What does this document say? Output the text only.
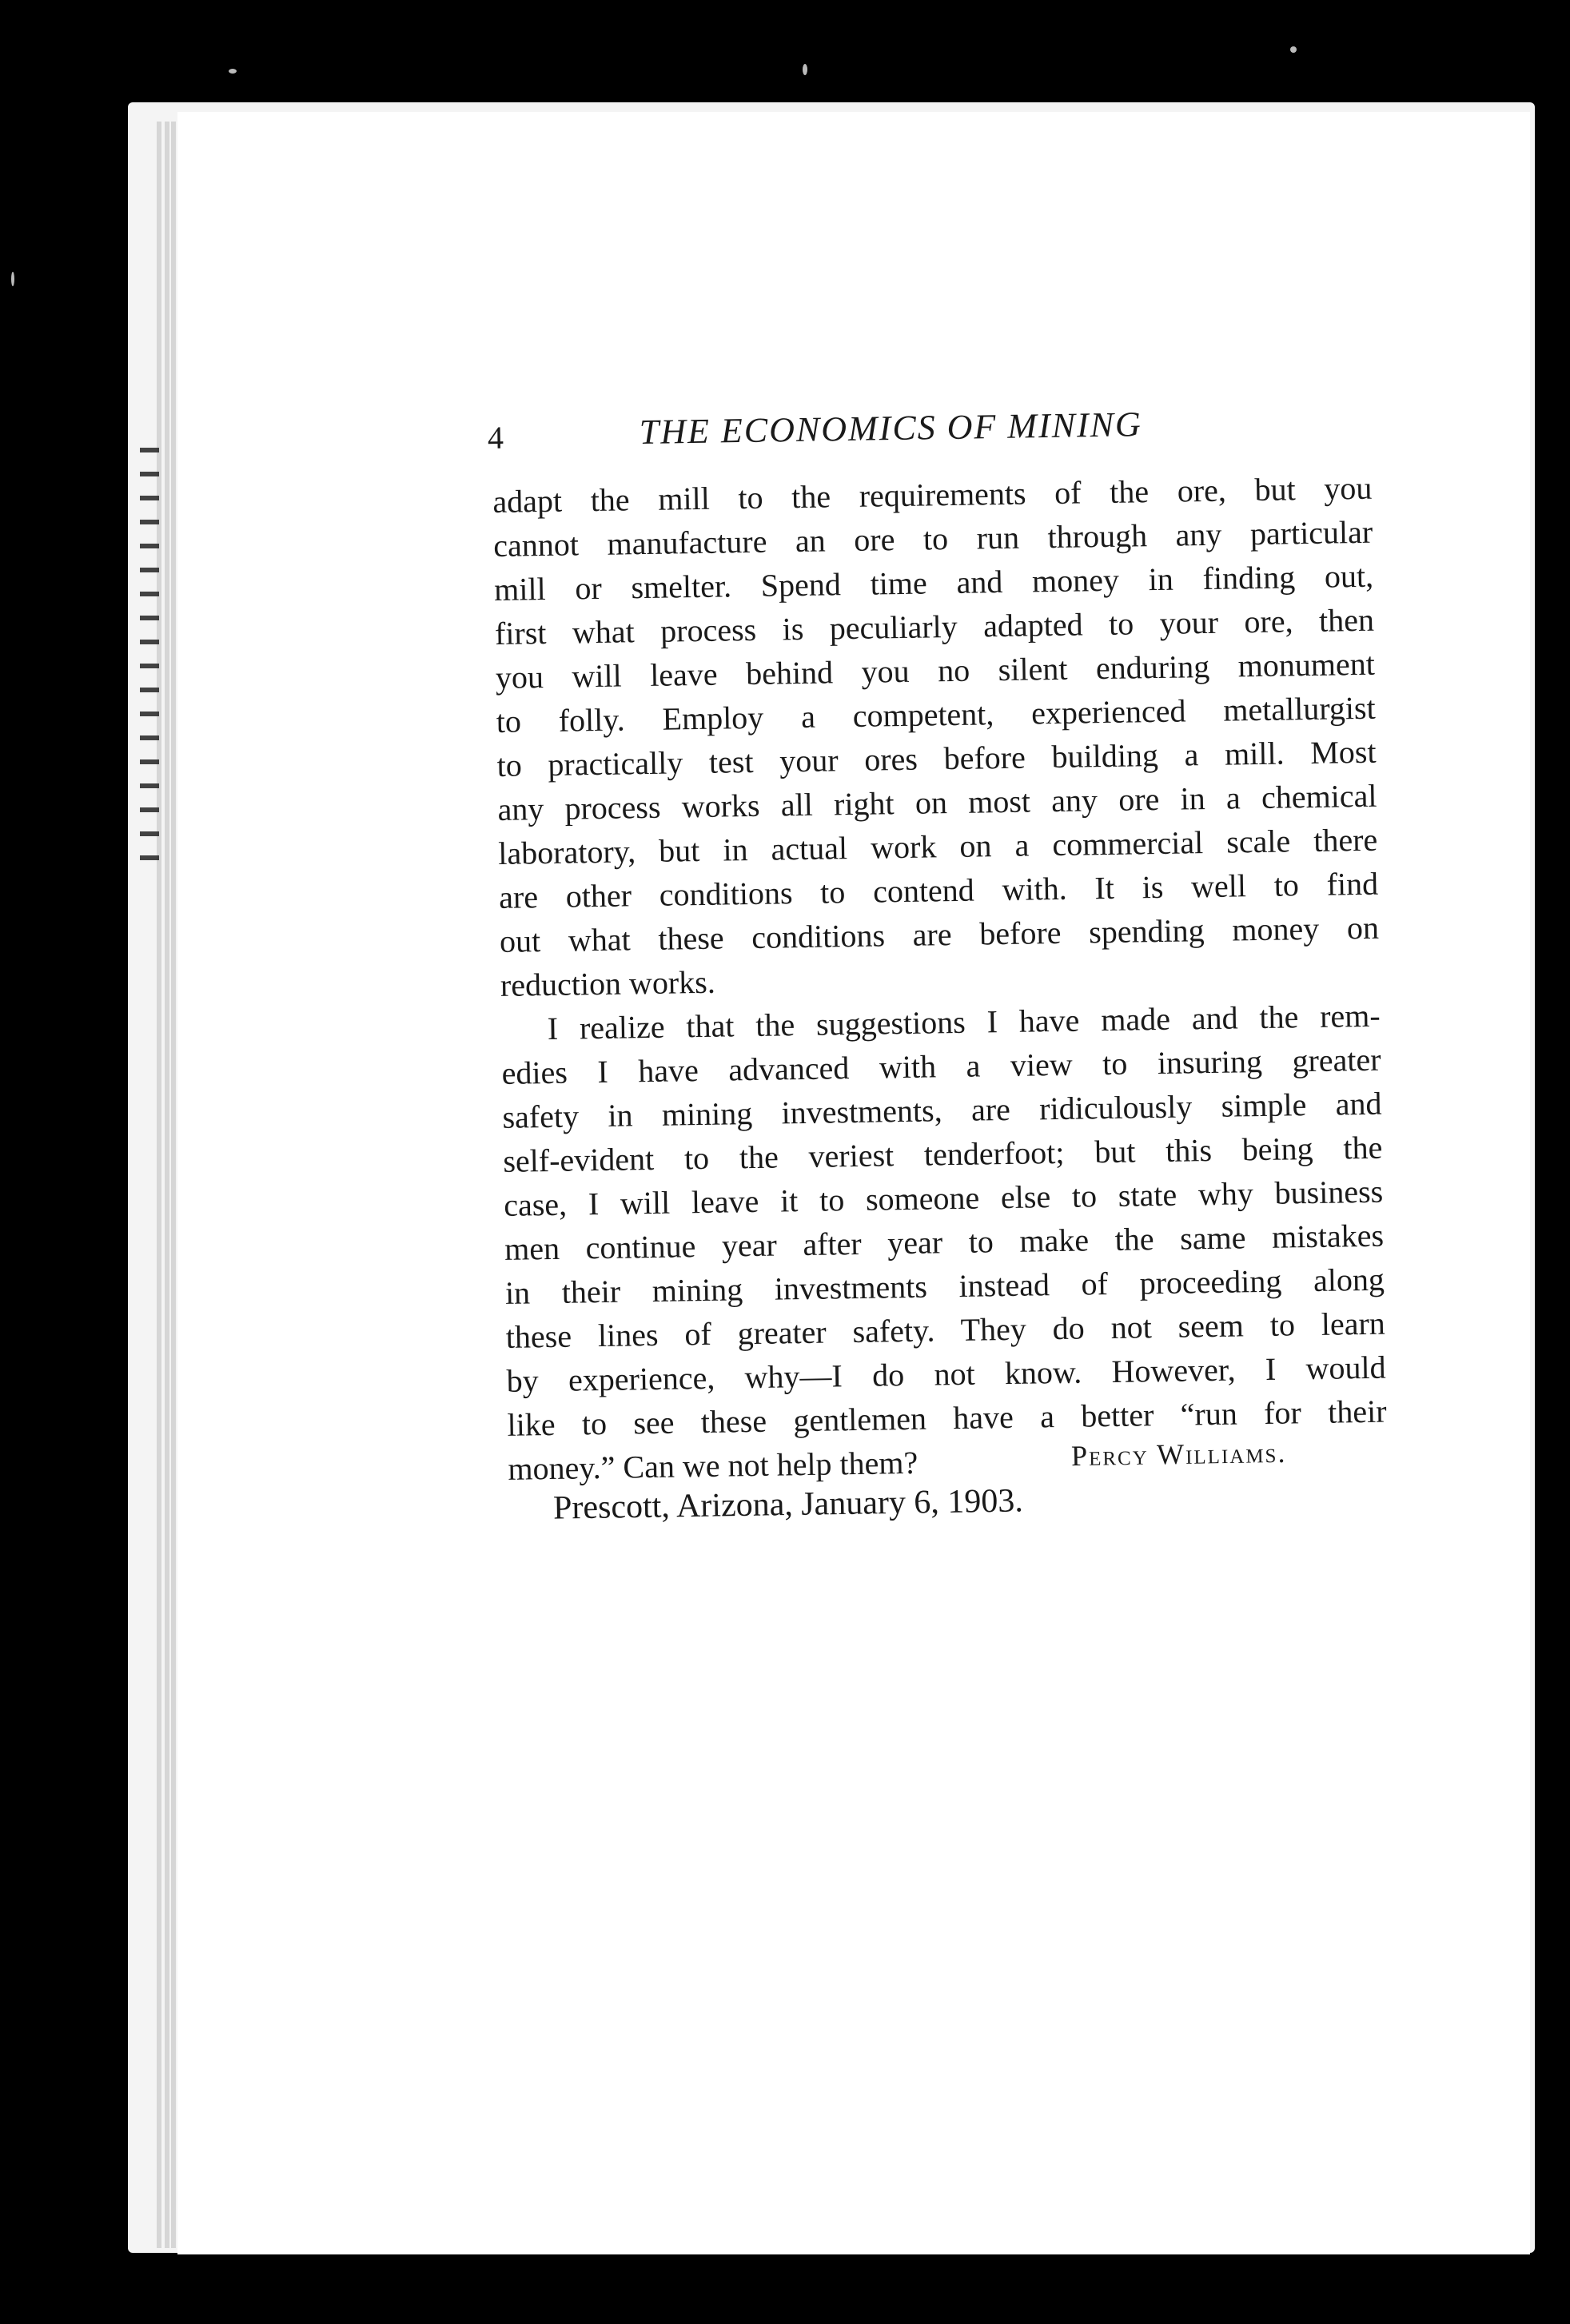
4	THE ECONOMICS OF MINING
adapt the mill to the requirements of the ore, but you
cannot manufacture an ore to run through any particular
mill or smelter. Spend time and money in finding out,
first what process is peculiarly adapted to your ore, then
you will leave behind you no silent enduring monument
to folly. Employ a competent, experienced metallurgist
to practically test your ores before building a mill. Most
any process works all right on most any ore in a chemical
laboratory, but in actual work on a commercial scale there
are other conditions to contend with. It is well to find
out what these conditions are before spending money on
reduction works.
I realize that the suggestions I have made and the rem-
edies I have advanced with a view to insuring greater
safety in mining investments, are ridiculously simple and
self-evident to the veriest tenderfoot; but this being the
case, I will leave it to someone else to state why business
men continue year after year to make the same mistakes
in their mining investments instead of proceeding along
these lines of greater safety. They do not seem to learn
by experience, why—I do not know. However, I would
like to see these gentlemen have a better “run for their
money.” Can we not help them?	Percy Williams.
Prescott, Arizona, January 6, 1903.
